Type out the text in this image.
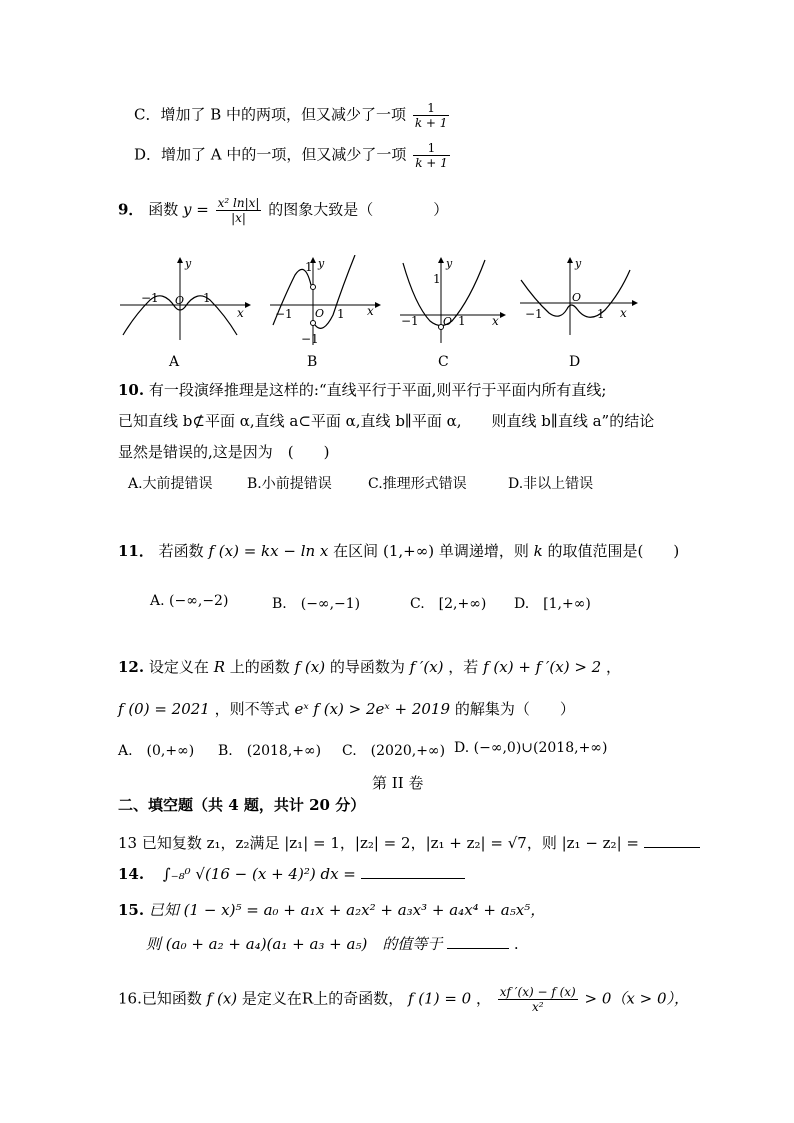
C．增加了 B 中的两项，但又减少了一项 $\frac{1}{k + 1}$
D．增加了 A 中的一项，但又减少了一项 $\frac{1}{k + 1}$
9． 函数 $y = \frac{\text{x² ln|x|}}{|x|}$ 的图象大致是（　　　　）
y
x
O
−1	1
y
x
O
−1	1
1
−1
y
x
O
−1	1
1
y
x
O
−1	1
A	B	C	D
10. 有一段演绎推理是这样的:“直线平行于平面,则平行于平面内所有直线;
已知直线 b⊄平面 α,直线 a⊂平面 α,直线 b∥平面 α,　　则直线 b∥直线 a”的结论
显然是错误的,这是因为　(　　)
A.大前提错误 B.小前提错误	C.推理形式错误	D.非以上错误
11． 若函数 f (x) = kx − ln x 在区间 (1,+∞) 单调递增，则 k 的取值范围是(　　)
A. (−∞,−2)	B.　(−∞,−1)	C.　[2,+∞) D.　[1,+∞)
12. 设定义在 R 上的函数 f (x) 的导函数为 f ′(x) ，若 f (x) + f ′(x) > 2 ，
f (0) = 2021 ，则不等式 eˣ f (x) > 2eˣ + 2019 的解集为（　　）
A.　(0,+∞) B.　(2018,+∞) C.　(2020,+∞) D. (−∞,0)∪(2018,+∞)
第 II 卷
二、填空题（共 4 题，共计 20 分）
13 已知复数 z₁，z₂满足 |z₁| = 1，|z₂| = 2，|z₁ + z₂| = √7，则 |z₁ − z₂| =
14. ∫₋₈⁰ √(16 − (x + 4)²) dx =
15. 已知 (1 − x)⁵ = a₀ + a₁x + a₂x² + a₃x³ + a₄x⁴ + a₅x⁵，
则 (a₀ + a₂ + a₄)(a₁ + a₃ + a₅)　的值等于	.
16.已知函数 f (x) 是定义在R上的奇函数， f (1) = 0 ， $\frac{xf '(x) - f (x)}{\text{x²}} > 0(x > 0)$，
